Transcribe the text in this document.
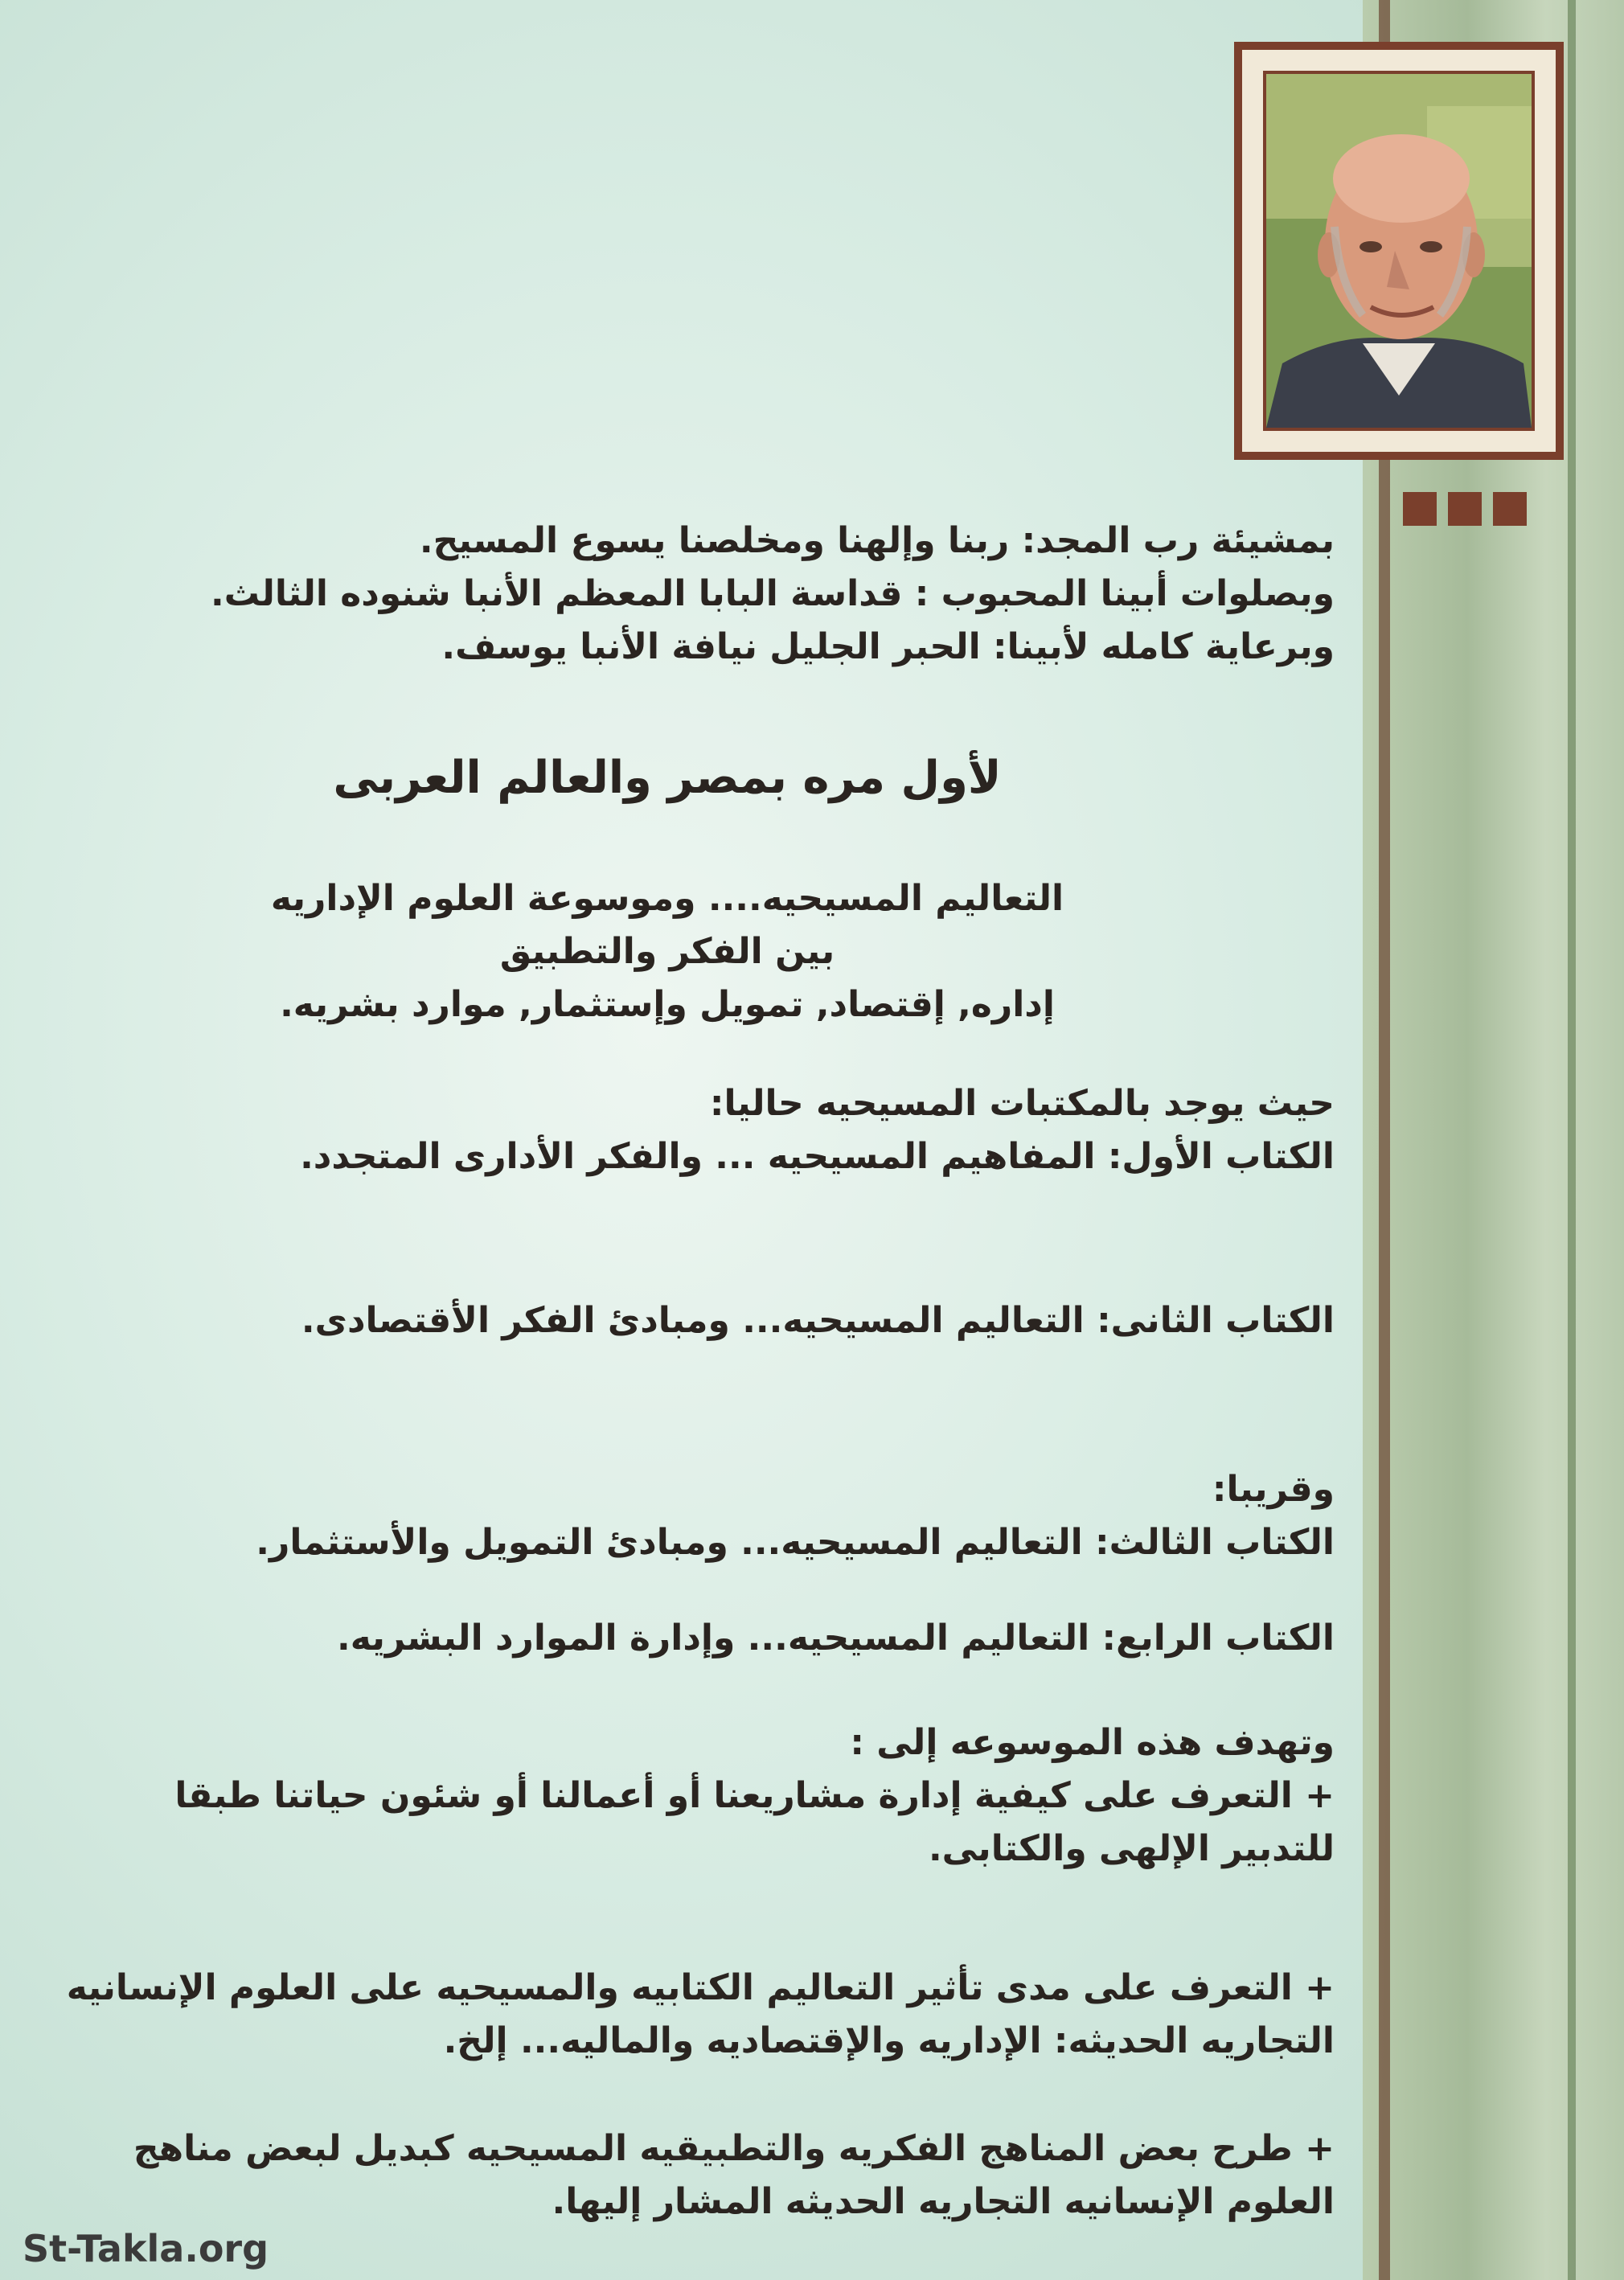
بمشيئة رب المجد: ربنا وإلهنا ومخلصنا يسوع المسيح.

وبصلوات أبينا المحبوب : قداسة البابا المعظم الأنبا شنوده الثالث.

وبرعاية كامله لأبينا: الحبر الجليل نيافة الأنبا يوسف.

لأول مره بمصر والعالم العربى

التعاليم المسيحيه.... وموسوعة العلوم الإداريه

بين الفكر والتطبيق

إداره, إقتصاد, تمويل وإستثمار, موارد بشريه.

حيث يوجد بالمكتبات المسيحيه حاليا:

الكتاب الأول: المفاهيم المسيحيه ... والفكر الأدارى المتجدد.

الكتاب الثانى: التعاليم المسيحيه... ومبادئ الفكر الأقتصادى.

وقريبا:

الكتاب الثالث: التعاليم المسيحيه... ومبادئ التمويل والأستثمار.

الكتاب الرابع: التعاليم المسيحيه... وإدارة الموارد البشريه.

وتهدف هذه الموسوعه إلى :

+ التعرف على كيفية إدارة مشاريعنا أو أعمالنا أو شئون حياتنا طبقا للتدبير الإلهى والكتابى.

+ التعرف على مدى تأثير التعاليم الكتابيه والمسيحيه على العلوم الإنسانيه التجاريه الحديثه: الإداريه والإقتصاديه والماليه... إلخ.

+ طرح بعض المناهج الفكريه والتطبيقيه المسيحيه كبديل لبعض مناهج العلوم الإنسانيه التجاريه الحديثه المشار إليها.

St-Takla.org
